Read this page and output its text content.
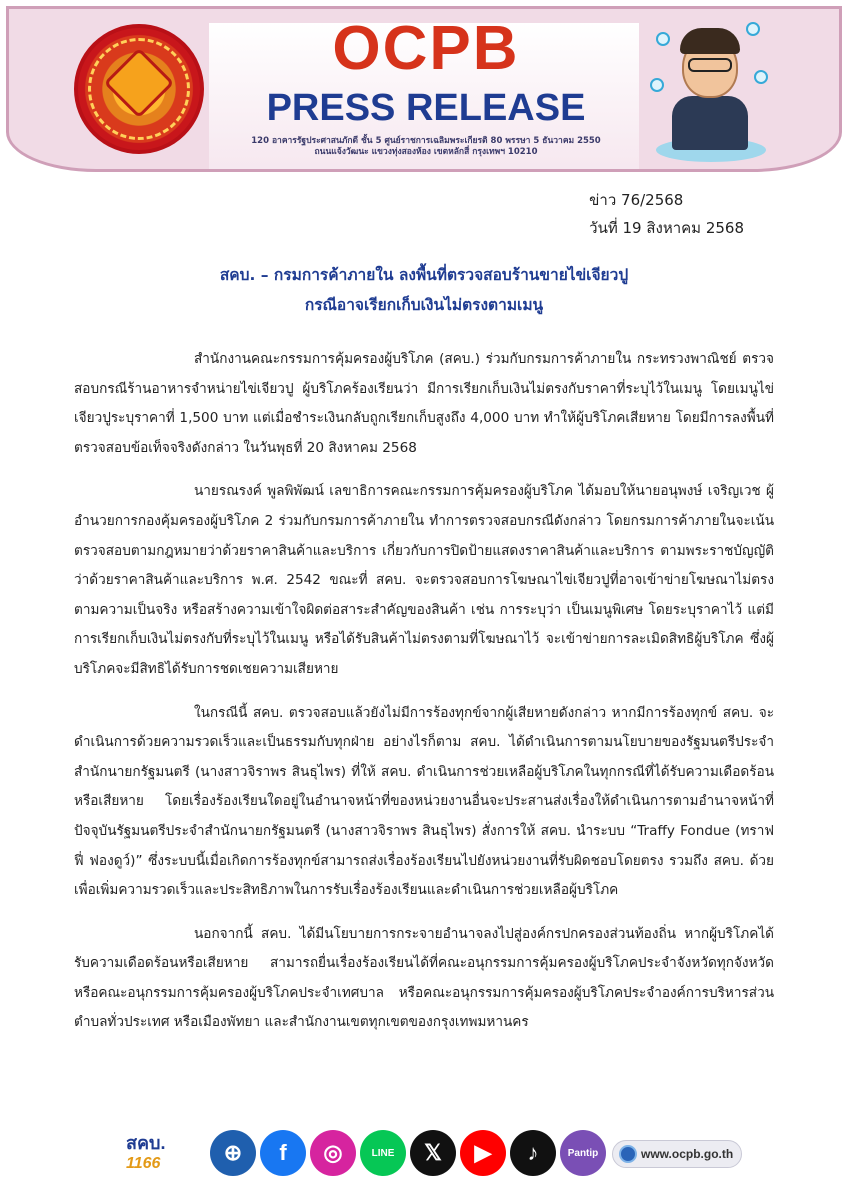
OCPB
PRESS RELEASE
120 อาคารรัฐประศาสนภักดี ชั้น 5 ศูนย์ราชการเฉลิมพระเกียรติ 80 พรรษา 5 ธันวาคม 2550
ถนนแจ้งวัฒนะ แขวงทุ่งสองห้อง เขตหลักสี่ กรุงเทพฯ 10210
ข่าว 76/2568
วันที่ 19 สิงหาคม 2568
สคบ. – กรมการค้าภายใน ลงพื้นที่ตรวจสอบร้านขายไข่เจียวปู
กรณีอาจเรียกเก็บเงินไม่ตรงตามเมนู

สำนักงานคณะกรรมการคุ้มครองผู้บริโภค (สคบ.) ร่วมกับกรมการค้าภายใน กระทรวงพาณิชย์ ตรวจสอบกรณีร้านอาหารจำหน่ายไข่เจียวปู ผู้บริโภคร้องเรียนว่า มีการเรียกเก็บเงินไม่ตรงกับราคาที่ระบุไว้ในเมนู โดยเมนูไข่เจียวปูระบุราคาที่ 1,500 บาท แต่เมื่อชำระเงินกลับถูกเรียกเก็บสูงถึง 4,000 บาท ทำให้ผู้บริโภคเสียหาย โดยมีการลงพื้นที่ตรวจสอบข้อเท็จจริงดังกล่าว ในวันพุธที่ 20 สิงหาคม 2568

นายรณรงค์ พูลพิพัฒน์ เลขาธิการคณะกรรมการคุ้มครองผู้บริโภค ได้มอบให้นายอนุพงษ์ เจริญเวช ผู้อำนวยการกองคุ้มครองผู้บริโภค 2 ร่วมกับกรมการค้าภายใน ทำการตรวจสอบกรณีดังกล่าว โดยกรมการค้าภายในจะเน้นตรวจสอบตามกฎหมายว่าด้วยราคาสินค้าและบริการ เกี่ยวกับการปิดป้ายแสดงราคาสินค้าและบริการ ตามพระราชบัญญัติว่าด้วยราคาสินค้าและบริการ พ.ศ. 2542 ขณะที่ สคบ. จะตรวจสอบการโฆษณาไข่เจียวปูที่อาจเข้าข่ายโฆษณาไม่ตรงตามความเป็นจริง หรือสร้างความเข้าใจผิดต่อสาระสำคัญของสินค้า เช่น การระบุว่า เป็นเมนูพิเศษ โดยระบุราคาไว้ แต่มีการเรียกเก็บเงินไม่ตรงกับที่ระบุไว้ในเมนู หรือได้รับสินค้าไม่ตรงตามที่โฆษณาไว้ จะเข้าข่ายการละเมิดสิทธิผู้บริโภค ซึ่งผู้บริโภคจะมีสิทธิได้รับการชดเชยความเสียหาย

ในกรณีนี้ สคบ. ตรวจสอบแล้วยังไม่มีการร้องทุกข์จากผู้เสียหายดังกล่าว หากมีการร้องทุกข์ สคบ. จะดำเนินการด้วยความรวดเร็วและเป็นธรรมกับทุกฝ่าย อย่างไรก็ตาม สคบ. ได้ดำเนินการตามนโยบายของรัฐมนตรีประจำสำนักนายกรัฐมนตรี (นางสาวจิราพร สินธุไพร) ที่ให้ สคบ. ดำเนินการช่วยเหลือผู้บริโภคในทุกกรณีที่ได้รับความเดือดร้อนหรือเสียหาย โดยเรื่องร้องเรียนใดอยู่ในอำนาจหน้าที่ของหน่วยงานอื่นจะประสานส่งเรื่องให้ดำเนินการตามอำนาจหน้าที่ ปัจจุบันรัฐมนตรีประจำสำนักนายกรัฐมนตรี (นางสาวจิราพร สินธุไพร) สั่งการให้ สคบ. นำระบบ “Traffy Fondue (ทราฟฟี่ ฟองดูว์)” ซึ่งระบบนี้เมื่อเกิดการร้องทุกข์สามารถส่งเรื่องร้องเรียนไปยังหน่วยงานที่รับผิดชอบโดยตรง รวมถึง สคบ. ด้วย เพื่อเพิ่มความรวดเร็วและประสิทธิภาพในการรับเรื่องร้องเรียนและดำเนินการช่วยเหลือผู้บริโภค

นอกจากนี้ สคบ. ได้มีนโยบายการกระจายอำนาจลงไปสู่องค์กรปกครองส่วนท้องถิ่น หากผู้บริโภคได้รับความเดือดร้อนหรือเสียหาย สามารถยื่นเรื่องร้องเรียนได้ที่คณะอนุกรรมการคุ้มครองผู้บริโภคประจำจังหวัดทุกจังหวัด หรือคณะอนุกรรมการคุ้มครองผู้บริโภคประจำเทศบาล หรือคณะอนุกรรมการคุ้มครองผู้บริโภคประจำองค์การบริหารส่วนตำบลทั่วประเทศ หรือเมืองพัทยา และสำนักงานเขตทุกเขตของกรุงเทพมหานคร

สคบ.
1166	⊕	f	◎	LINE	𝕏	▶	♪	Pantip	www.ocpb.go.th
